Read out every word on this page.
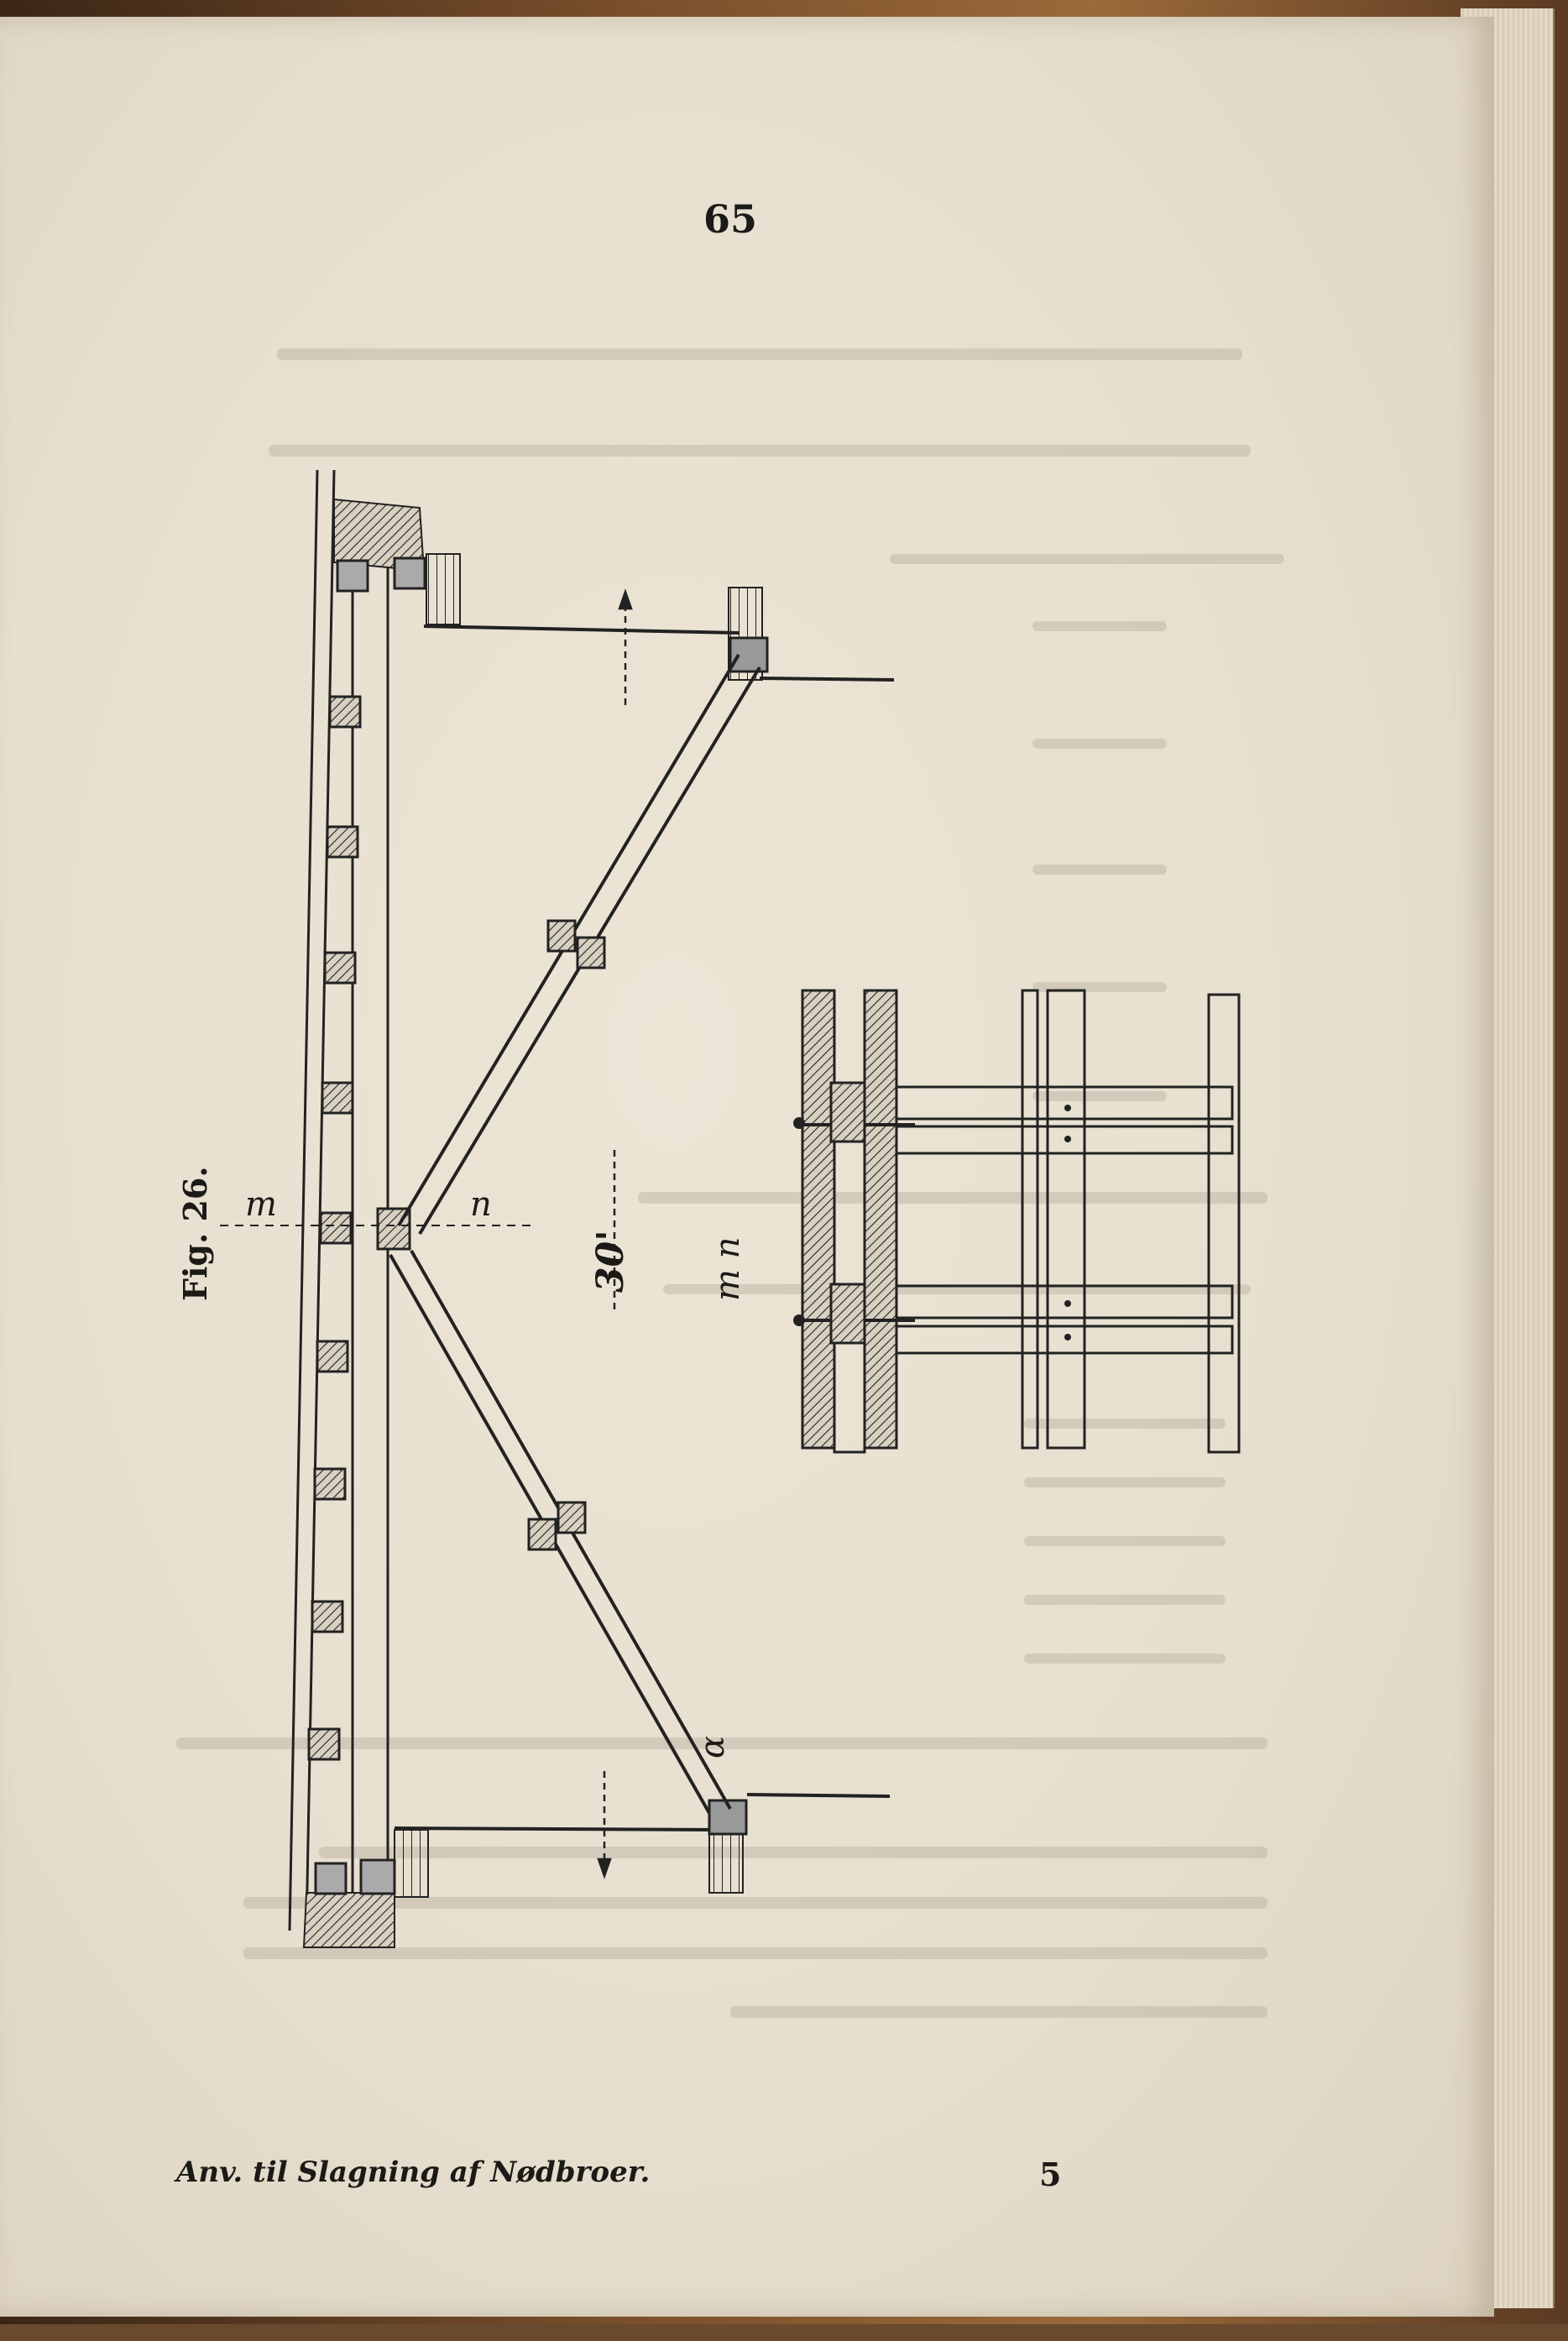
65
m	n
30' m n
α
Fig. 26.
Anv. til Slagning af Nødbroer.	5
